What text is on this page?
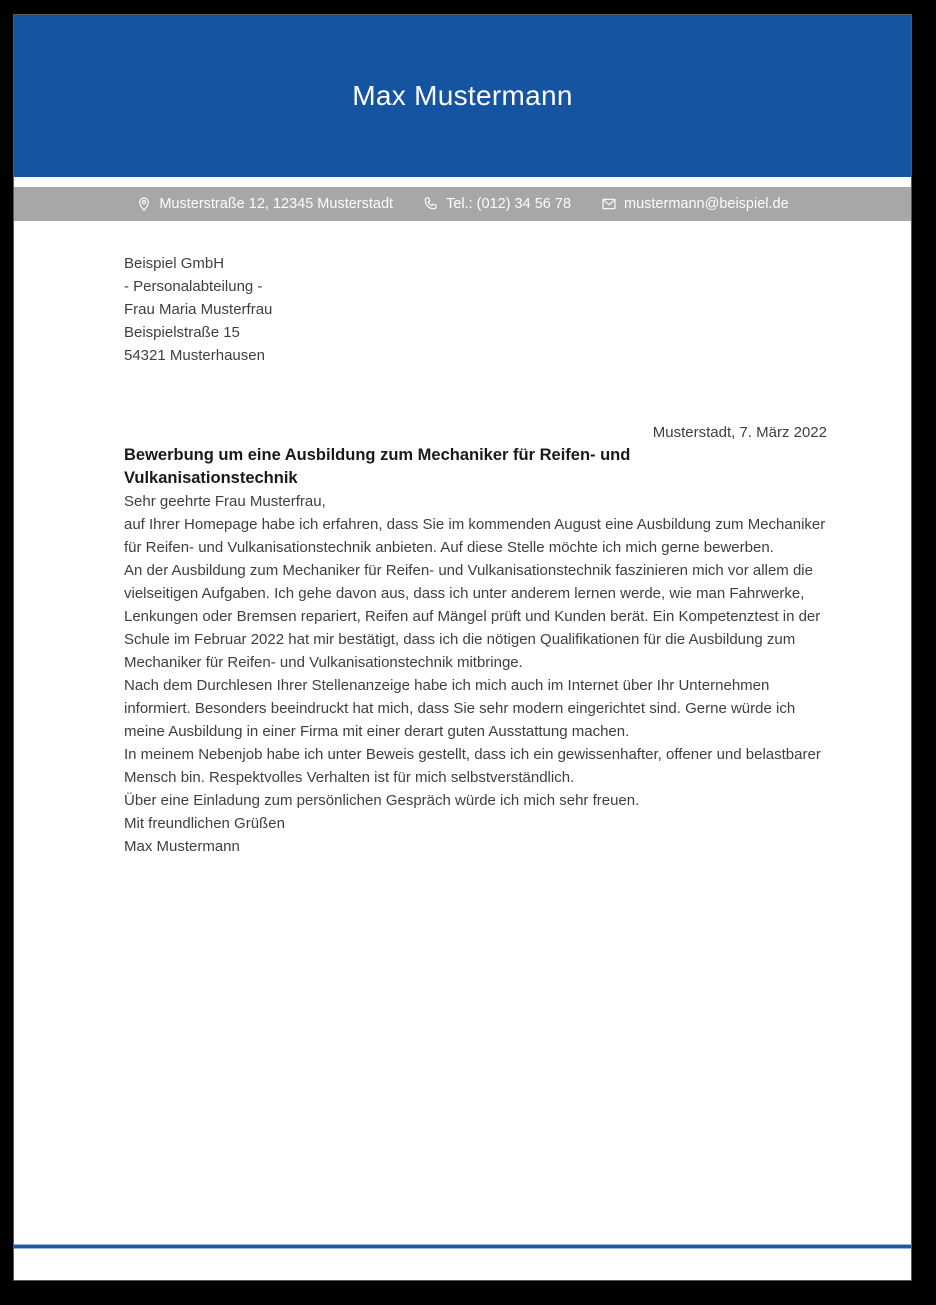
Max Mustermann
Musterstraße 12, 12345 Musterstadt	Tel.: (012) 34 56 78	mustermann@beispiel.de
Beispiel GmbH
- Personalabteilung -
Frau Maria Musterfrau
Beispielstraße 15
54321 Musterhausen

Musterstadt, 7. März 2022

Bewerbung um eine Ausbildung zum Mechaniker für Reifen- und Vulkanisationstechnik

Sehr geehrte Frau Musterfrau,

auf Ihrer Homepage habe ich erfahren, dass Sie im kommenden August eine Ausbildung zum Mechaniker für Reifen- und Vulkanisationstechnik anbieten. Auf diese Stelle möchte ich mich gerne bewerben.

An der Ausbildung zum Mechaniker für Reifen- und Vulkanisationstechnik faszinieren mich vor allem die vielseitigen Aufgaben. Ich gehe davon aus, dass ich unter anderem lernen werde, wie man Fahrwerke, Lenkungen oder Bremsen repariert, Reifen auf Mängel prüft und Kunden berät. Ein Kompetenztest in der Schule im Februar 2022 hat mir bestätigt, dass ich die nötigen Qualifikationen für die Ausbildung zum Mechaniker für Reifen- und Vulkanisationstechnik mitbringe.

Nach dem Durchlesen Ihrer Stellenanzeige habe ich mich auch im Internet über Ihr Unternehmen informiert. Besonders beeindruckt hat mich, dass Sie sehr modern eingerichtet sind. Gerne würde ich meine Ausbildung in einer Firma mit einer derart guten Ausstattung machen.

In meinem Nebenjob habe ich unter Beweis gestellt, dass ich ein gewissenhafter, offener und belastbarer Mensch bin. Respektvolles Verhalten ist für mich selbstverständlich.

Über eine Einladung zum persönlichen Gespräch würde ich mich sehr freuen.

Mit freundlichen Grüßen

Max Mustermann
